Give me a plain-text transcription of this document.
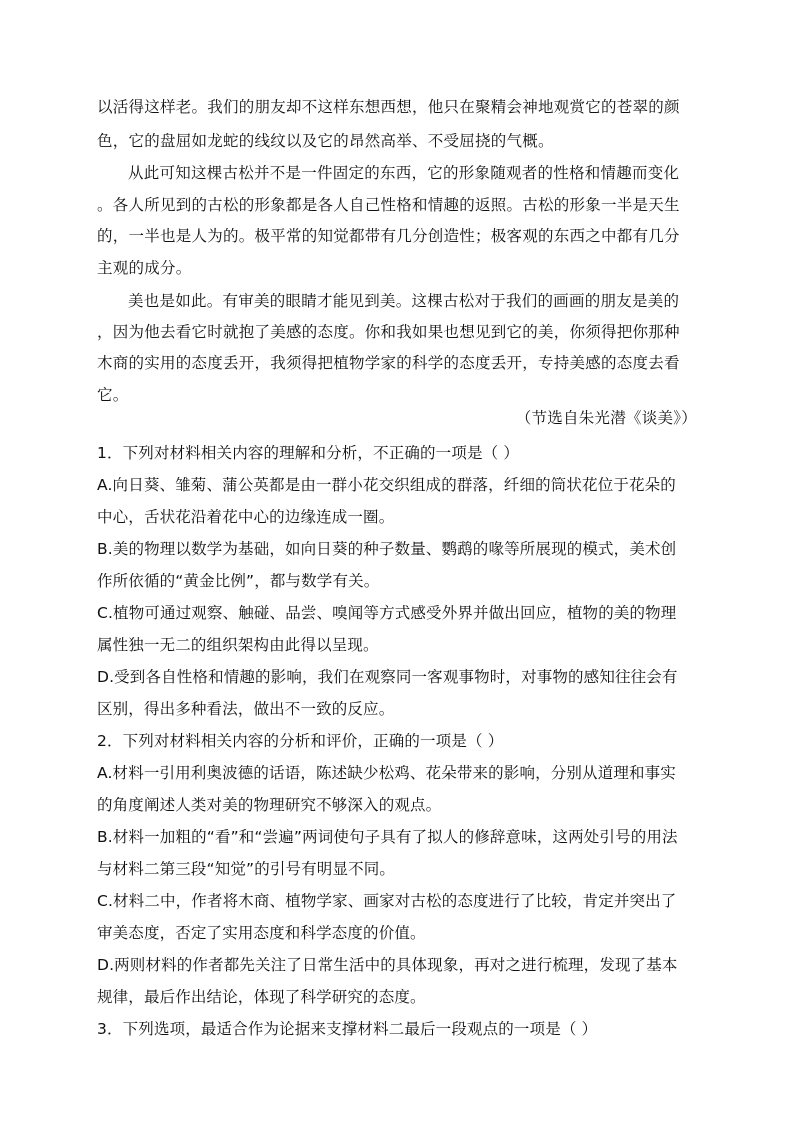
以活得这样老。我们的朋友却不这样东想西想，他只在聚精会神地观赏它的苍翠的颜
色，它的盘屈如龙蛇的线纹以及它的昂然高举、不受屈挠的气概。
从此可知这棵古松并不是一件固定的东西，它的形象随观者的性格和情趣而变化
。各人所见到的古松的形象都是各人自己性格和情趣的返照。古松的形象一半是天生
的，一半也是人为的。极平常的知觉都带有几分创造性；极客观的东西之中都有几分
主观的成分。
美也是如此。有审美的眼睛才能见到美。这棵古松对于我们的画画的朋友是美的
，因为他去看它时就抱了美感的态度。你和我如果也想见到它的美，你须得把你那种
木商的实用的态度丢开，我须得把植物学家的科学的态度丢开，专持美感的态度去看
它。
（节选自朱光潜《谈美》）
1．下列对材料相关内容的理解和分析，不正确的一项是（ ）
A.向日葵、雏菊、蒲公英都是由一群小花交织组成的群落，纤细的筒状花位于花朵的
中心，舌状花沿着花中心的边缘连成一圈。
B.美的物理以数学为基础，如向日葵的种子数量、鹦鹉的喙等所展现的模式，美术创
作所依循的“黄金比例”，都与数学有关。
C.植物可通过观察、触碰、品尝、嗅闻等方式感受外界并做出回应，植物的美的物理
属性独一无二的组织架构由此得以呈现。
D.受到各自性格和情趣的影响，我们在观察同一客观事物时，对事物的感知往往会有
区别，得出多种看法，做出不一致的反应。
2．下列对材料相关内容的分析和评价，正确的一项是（ ）
A.材料一引用利奥波德的话语，陈述缺少松鸡、花朵带来的影响，分别从道理和事实
的角度阐述人类对美的物理研究不够深入的观点。
B.材料一加粗的“看”和“尝遍”两词使句子具有了拟人的修辞意味，这两处引号的用法
与材料二第三段“知觉”的引号有明显不同。
C.材料二中，作者将木商、植物学家、画家对古松的态度进行了比较，肯定并突出了
审美态度，否定了实用态度和科学态度的价值。
D.两则材料的作者都先关注了日常生活中的具体现象，再对之进行梳理，发现了基本
规律，最后作出结论，体现了科学研究的态度。
3．下列选项，最适合作为论据来支撑材料二最后一段观点的一项是（ ）
